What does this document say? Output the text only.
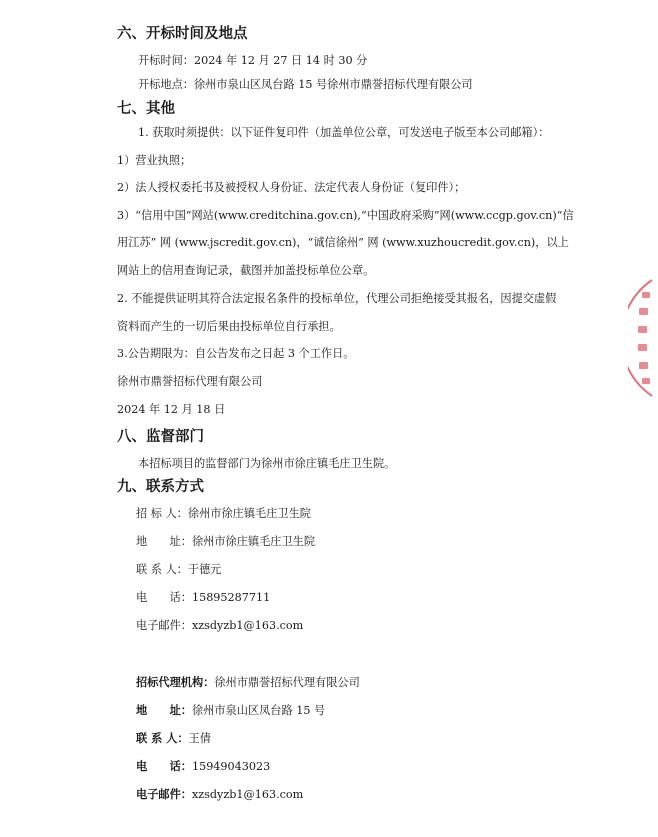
六、开标时间及地点
开标时间：2024 年 12 月 27 日 14 时 30 分
开标地点：徐州市泉山区凤台路 15 号徐州市鼎誉招标代理有限公司
七、其他
1. 获取时须提供：以下证件复印件（加盖单位公章，可发送电子版至本公司邮箱）：
1）营业执照；
2）法人授权委托书及被授权人身份证、法定代表人身份证（复印件）；
3）“信用中国”网站(www.creditchina.gov.cn),“中国政府采购”网(www.ccgp.gov.cn)“信
用江苏” 网 (www.jscredit.gov.cn)，“诚信徐州” 网 (www.xuzhoucredit.gov.cn)，以上
网站上的信用查询记录，截图并加盖投标单位公章。
2. 不能提供证明其符合法定报名条件的投标单位，代理公司拒绝接受其报名，因提交虚假
资料而产生的一切后果由投标单位自行承担。
3.公告期限为：自公告发布之日起 3 个工作日。
徐州市鼎誉招标代理有限公司
2024 年 12 月 18 日
八、监督部门
本招标项目的监督部门为徐州市徐庄镇毛庄卫生院。
九、联系方式
招 标 人：徐州市徐庄镇毛庄卫生院
地　　址：徐州市徐庄镇毛庄卫生院
联 系 人：于德元
电　　话：15895287711
电子邮件：xzsdyzb1@163.com
招标代理机构：徐州市鼎誉招标代理有限公司
地　　址：徐州市泉山区凤台路 15 号
联 系 人：王倩
电　　话：15949043023
电子邮件：xzsdyzb1@163.com
